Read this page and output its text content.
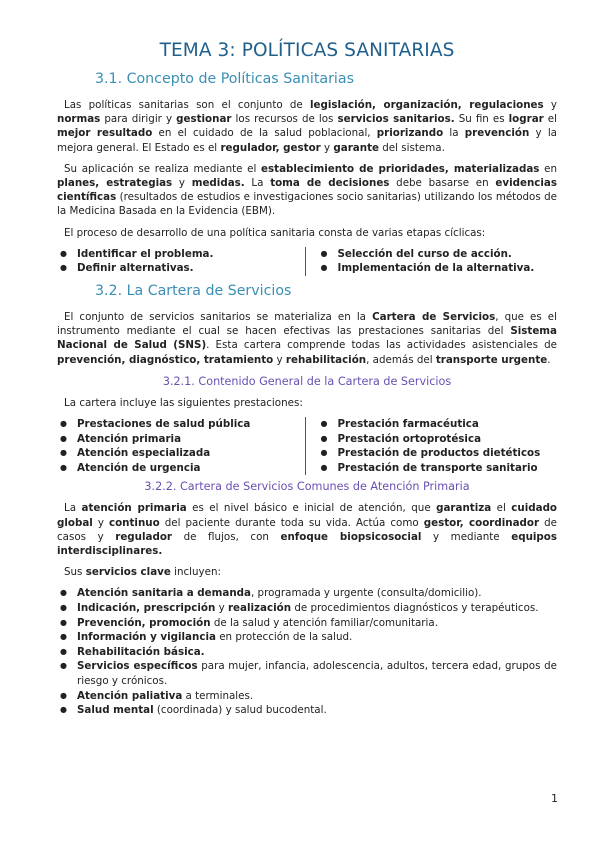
TEMA 3: POLÍTICAS SANITARIAS
3.1. Concepto de Políticas Sanitarias

Las políticas sanitarias son el conjunto de legislación, organización, regulaciones y normas para dirigir y gestionar los recursos de los servicios sanitarios. Su fin es lograr el mejor resultado en el cuidado de la salud poblacional, priorizando la prevención y la mejora general. El Estado es el regulador, gestor y garante del sistema.

Su aplicación se realiza mediante el establecimiento de prioridades, materializadas en planes, estrategias y medidas. La toma de decisiones debe basarse en evidencias científicas (resultados de estudios e investigaciones socio sanitarias) utilizando los métodos de la Medicina Basada en la Evidencia (EBM).

El proceso de desarrollo de una política sanitaria consta de varias etapas cíclicas:

● Identificar el problema.
● Definir alternativas.
● Selección del curso de acción.
● Implementación de la alternativa.
3.2. La Cartera de Servicios

El conjunto de servicios sanitarios se materializa en la Cartera de Servicios, que es el instrumento mediante el cual se hacen efectivas las prestaciones sanitarias del Sistema Nacional de Salud (SNS). Esta cartera comprende todas las actividades asistenciales de prevención, diagnóstico, tratamiento y rehabilitación, además del transporte urgente.

3.2.1. Contenido General de la Cartera de Servicios

La cartera incluye las siguientes prestaciones:

● Prestaciones de salud pública
● Atención primaria
● Atención especializada
● Atención de urgencia
● Prestación farmacéutica
● Prestación ortoprotésica
● Prestación de productos dietéticos
● Prestación de transporte sanitario
3.2.2. Cartera de Servicios Comunes de Atención Primaria

La atención primaria es el nivel básico e inicial de atención, que garantiza el cuidado global y continuo del paciente durante toda su vida. Actúa como gestor, coordinador de casos y regulador de flujos, con enfoque biopsicosocial y mediante equipos interdisciplinares.

Sus servicios clave incluyen:

● Atención sanitaria a demanda, programada y urgente (consulta/domicilio).
● Indicación, prescripción y realización de procedimientos diagnósticos y terapéuticos.
● Prevención, promoción de la salud y atención familiar/comunitaria.
● Información y vigilancia en protección de la salud.
● Rehabilitación básica.
● Servicios específicos para mujer, infancia, adolescencia, adultos, tercera edad, grupos de riesgo y crónicos.
● Atención paliativa a terminales.
● Salud mental (coordinada) y salud bucodental.
1
